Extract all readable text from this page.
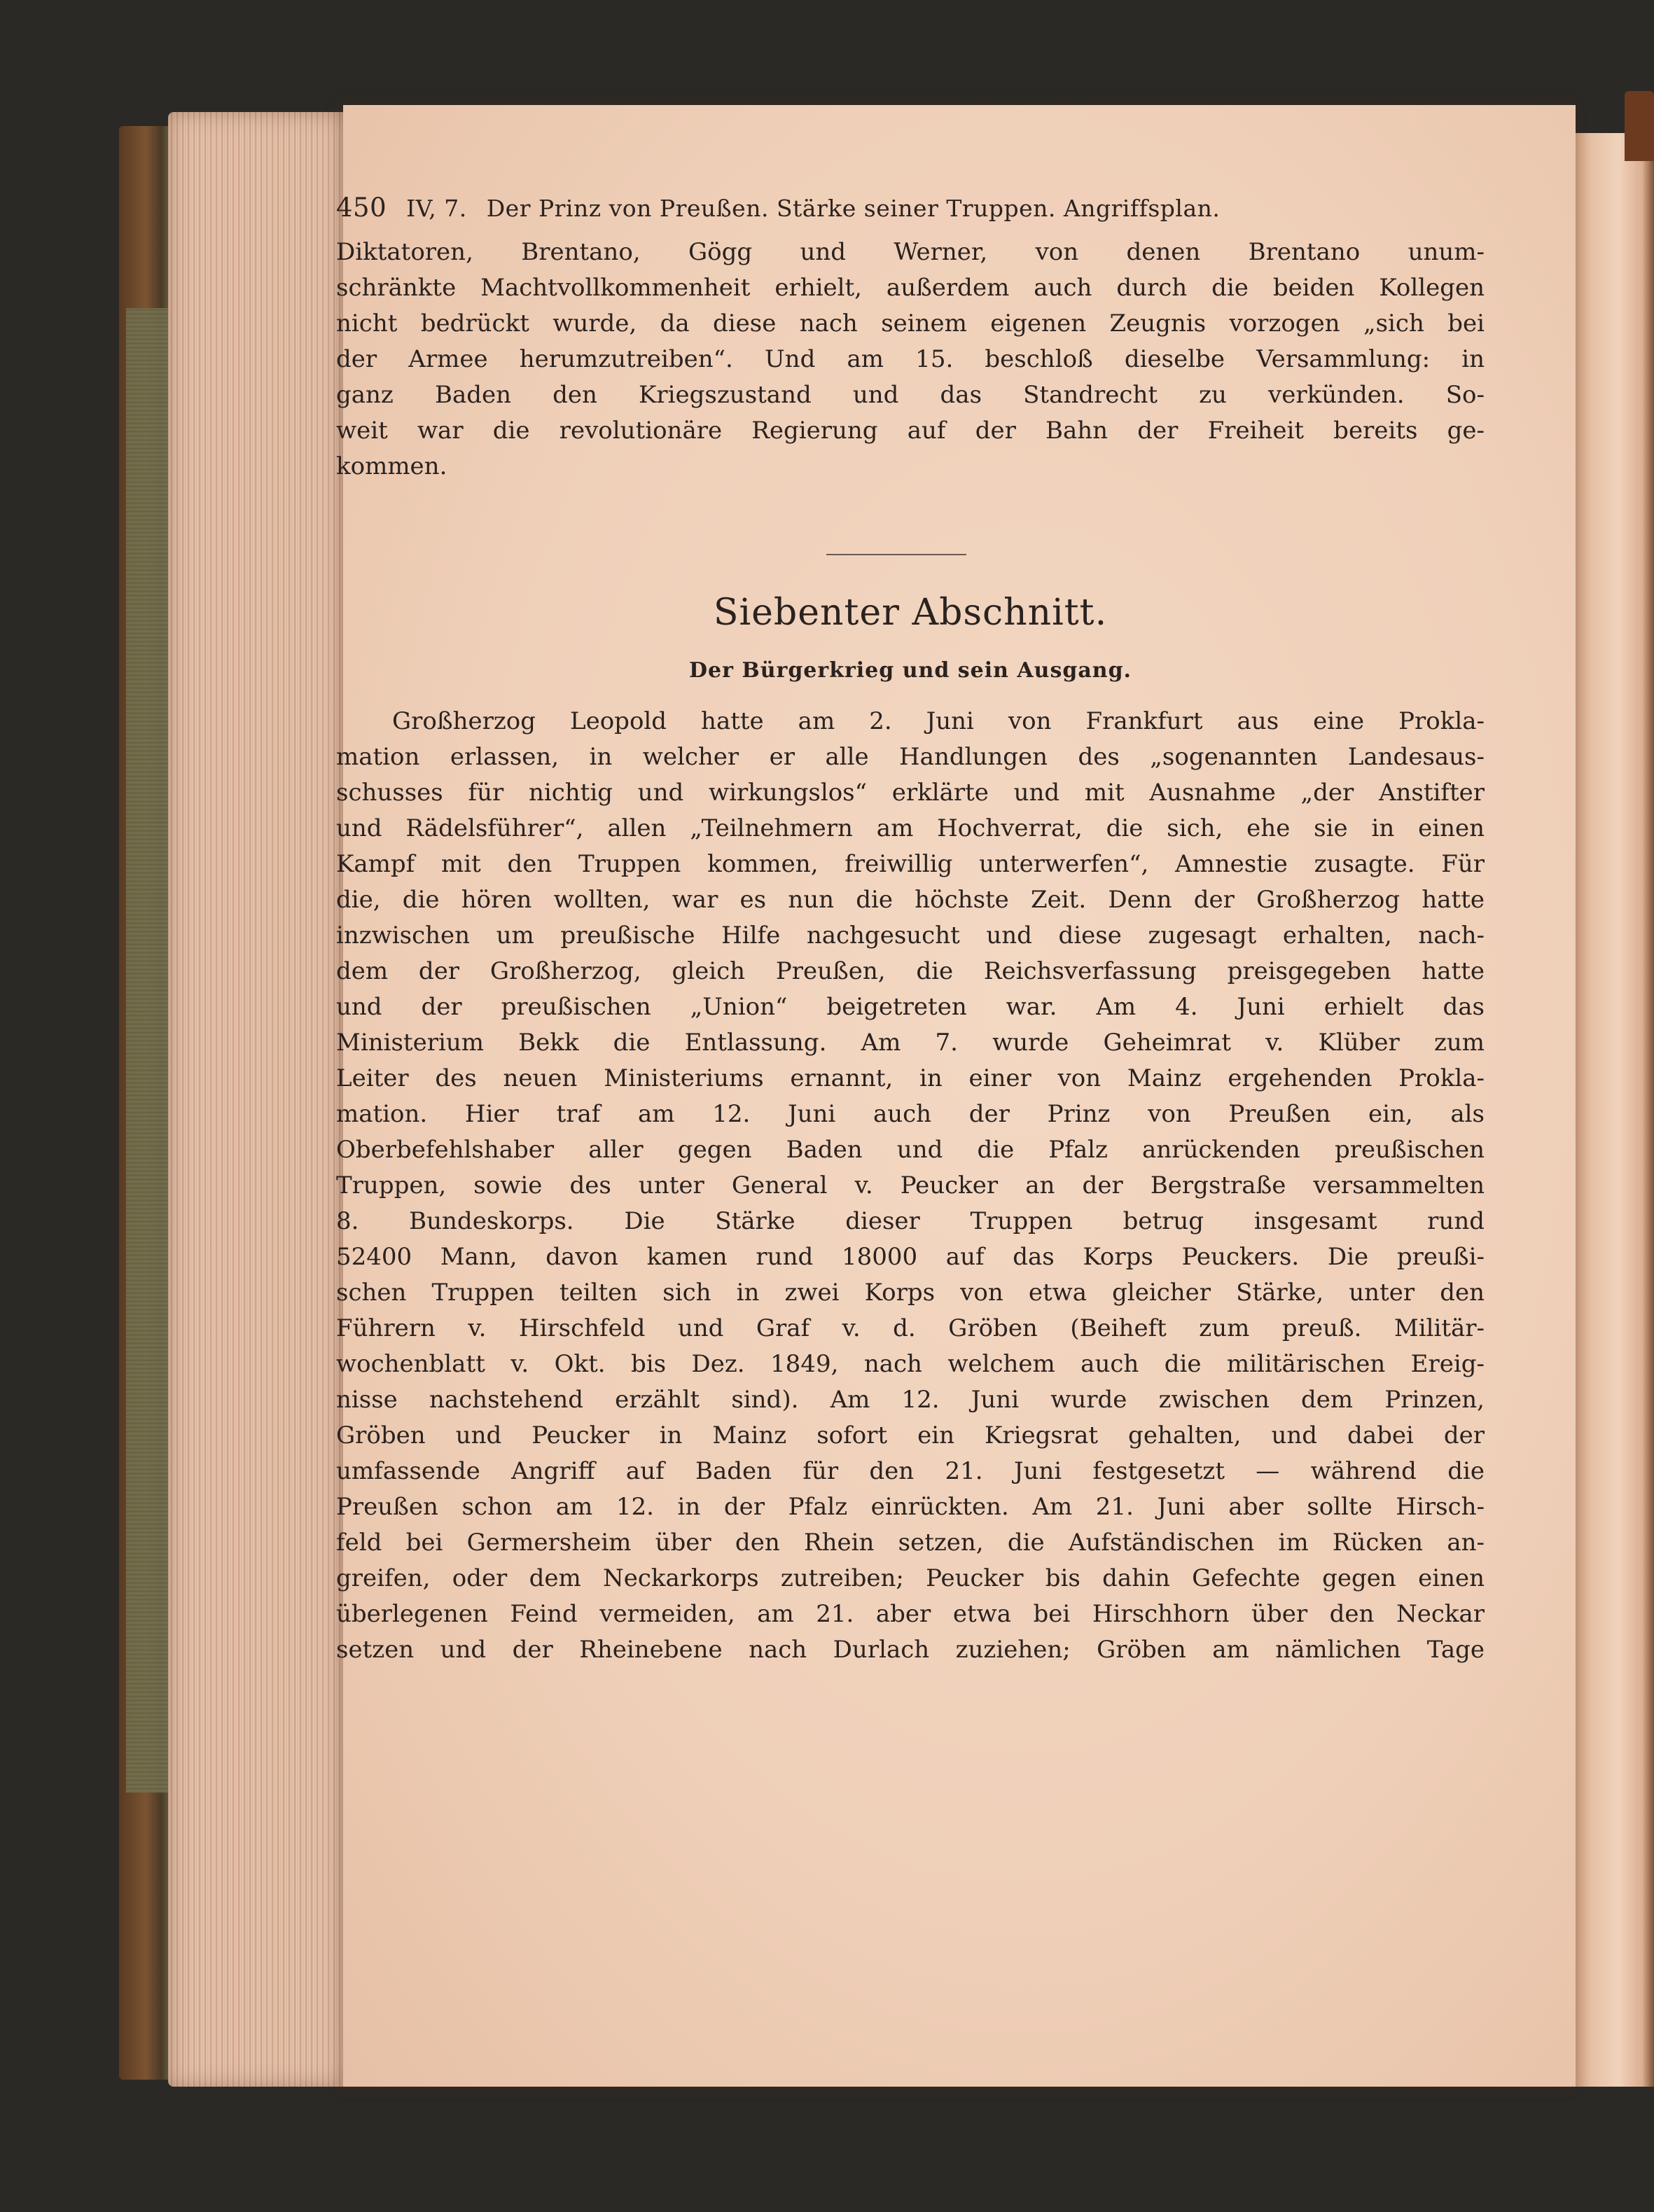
450 IV, 7. Der Prinz von Preußen. Stärke seiner Truppen. Angriffsplan.
Diktatoren, Brentano, Gögg und Werner, von denen Brentano unum-
schränkte Machtvollkommenheit erhielt, außerdem auch durch die beiden Kollegen
nicht bedrückt wurde, da diese nach seinem eigenen Zeugnis vorzogen „sich bei
der Armee herumzutreiben“. Und am 15. beschloß dieselbe Versammlung: in
ganz Baden den Kriegszustand und das Standrecht zu verkünden. So-
weit war die revolutionäre Regierung auf der Bahn der Freiheit bereits ge-
kommen.
Siebenter Abschnitt.
Der Bürgerkrieg und sein Ausgang.
Großherzog Leopold hatte am 2. Juni von Frankfurt aus eine Prokla-
mation erlassen, in welcher er alle Handlungen des „sogenannten Landesaus-
schusses für nichtig und wirkungslos“ erklärte und mit Ausnahme „der Anstifter
und Rädelsführer“, allen „Teilnehmern am Hochverrat, die sich, ehe sie in einen
Kampf mit den Truppen kommen, freiwillig unterwerfen“, Amnestie zusagte. Für
die, die hören wollten, war es nun die höchste Zeit. Denn der Großherzog hatte
inzwischen um preußische Hilfe nachgesucht und diese zugesagt erhalten, nach-
dem der Großherzog, gleich Preußen, die Reichsverfassung preisgegeben hatte
und der preußischen „Union“ beigetreten war. Am 4. Juni erhielt das
Ministerium Bekk die Entlassung. Am 7. wurde Geheimrat v. Klüber zum
Leiter des neuen Ministeriums ernannt, in einer von Mainz ergehenden Prokla-
mation. Hier traf am 12. Juni auch der Prinz von Preußen ein, als
Oberbefehlshaber aller gegen Baden und die Pfalz anrückenden preußischen
Truppen, sowie des unter General v. Peucker an der Bergstraße versammelten
8. Bundeskorps. Die Stärke dieser Truppen betrug insgesamt rund
52400 Mann, davon kamen rund 18000 auf das Korps Peuckers. Die preußi-
schen Truppen teilten sich in zwei Korps von etwa gleicher Stärke, unter den
Führern v. Hirschfeld und Graf v. d. Gröben (Beiheft zum preuß. Militär-
wochenblatt v. Okt. bis Dez. 1849, nach welchem auch die militärischen Ereig-
nisse nachstehend erzählt sind). Am 12. Juni wurde zwischen dem Prinzen,
Gröben und Peucker in Mainz sofort ein Kriegsrat gehalten, und dabei der
umfassende Angriff auf Baden für den 21. Juni festgesetzt — während die
Preußen schon am 12. in der Pfalz einrückten. Am 21. Juni aber sollte Hirsch-
feld bei Germersheim über den Rhein setzen, die Aufständischen im Rücken an-
greifen, oder dem Neckarkorps zutreiben; Peucker bis dahin Gefechte gegen einen
überlegenen Feind vermeiden, am 21. aber etwa bei Hirschhorn über den Neckar
setzen und der Rheinebene nach Durlach zuziehen; Gröben am nämlichen Tage
